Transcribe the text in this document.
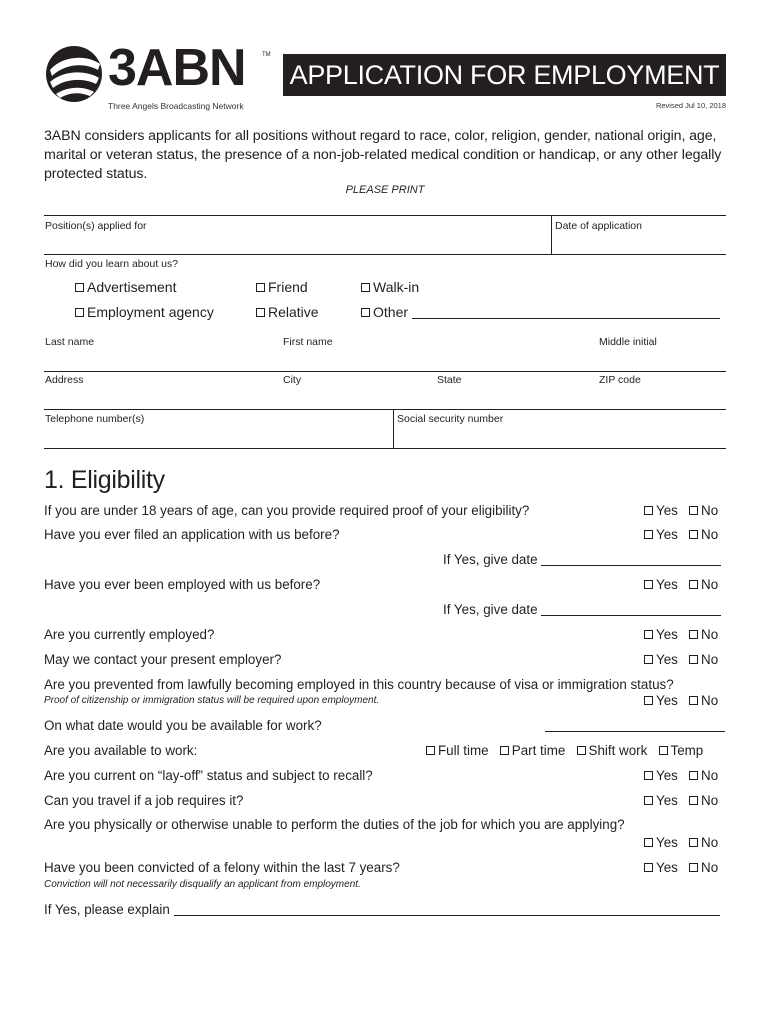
3ABN	TM
Three Angels Broadcasting Network
APPLICATION FOR EMPLOYMENT
Revised Jul 10, 2018
3ABN considers applicants for all positions without regard to race, color, religion, gender, national origin, age, marital or veteran status, the presence of a non-job-related medical condition or handicap, or any other legally protected status.
PLEASE PRINT
Position(s) applied for	Date of application
How did you learn about us?
Advertisement	Friend	Walk-in
Employment agency	Relative	Other
Last name	First name	Middle initial
Address	City	State	ZIP code
Telephone number(s)	Social security number
1. Eligibility
If you are under 18 years of age, can you provide required proof of your eligibility?	Yes No
Have you ever filed an application with us before?	Yes No
If Yes, give date
Have you ever been employed with us before?	Yes No
If Yes, give date
Are you currently employed?	Yes No
May we contact your present employer?	Yes No
Are you prevented from lawfully becoming employed in this country because of visa or immigration status?
Proof of citizenship or immigration status will be required upon employment.	Yes No
On what date would you be available for work?
Are you available to work:	Full time Part time Shift work Temp
Are you current on “lay-off” status and subject to recall?	Yes No
Can you travel if a job requires it?	Yes No
Are you physically or otherwise unable to perform the duties of the job for which you are applying?
Yes No
Have you been convicted of a felony within the last 7 years?	Yes No
Conviction will not necessarily disqualify an applicant from employment.
If Yes, please explain
